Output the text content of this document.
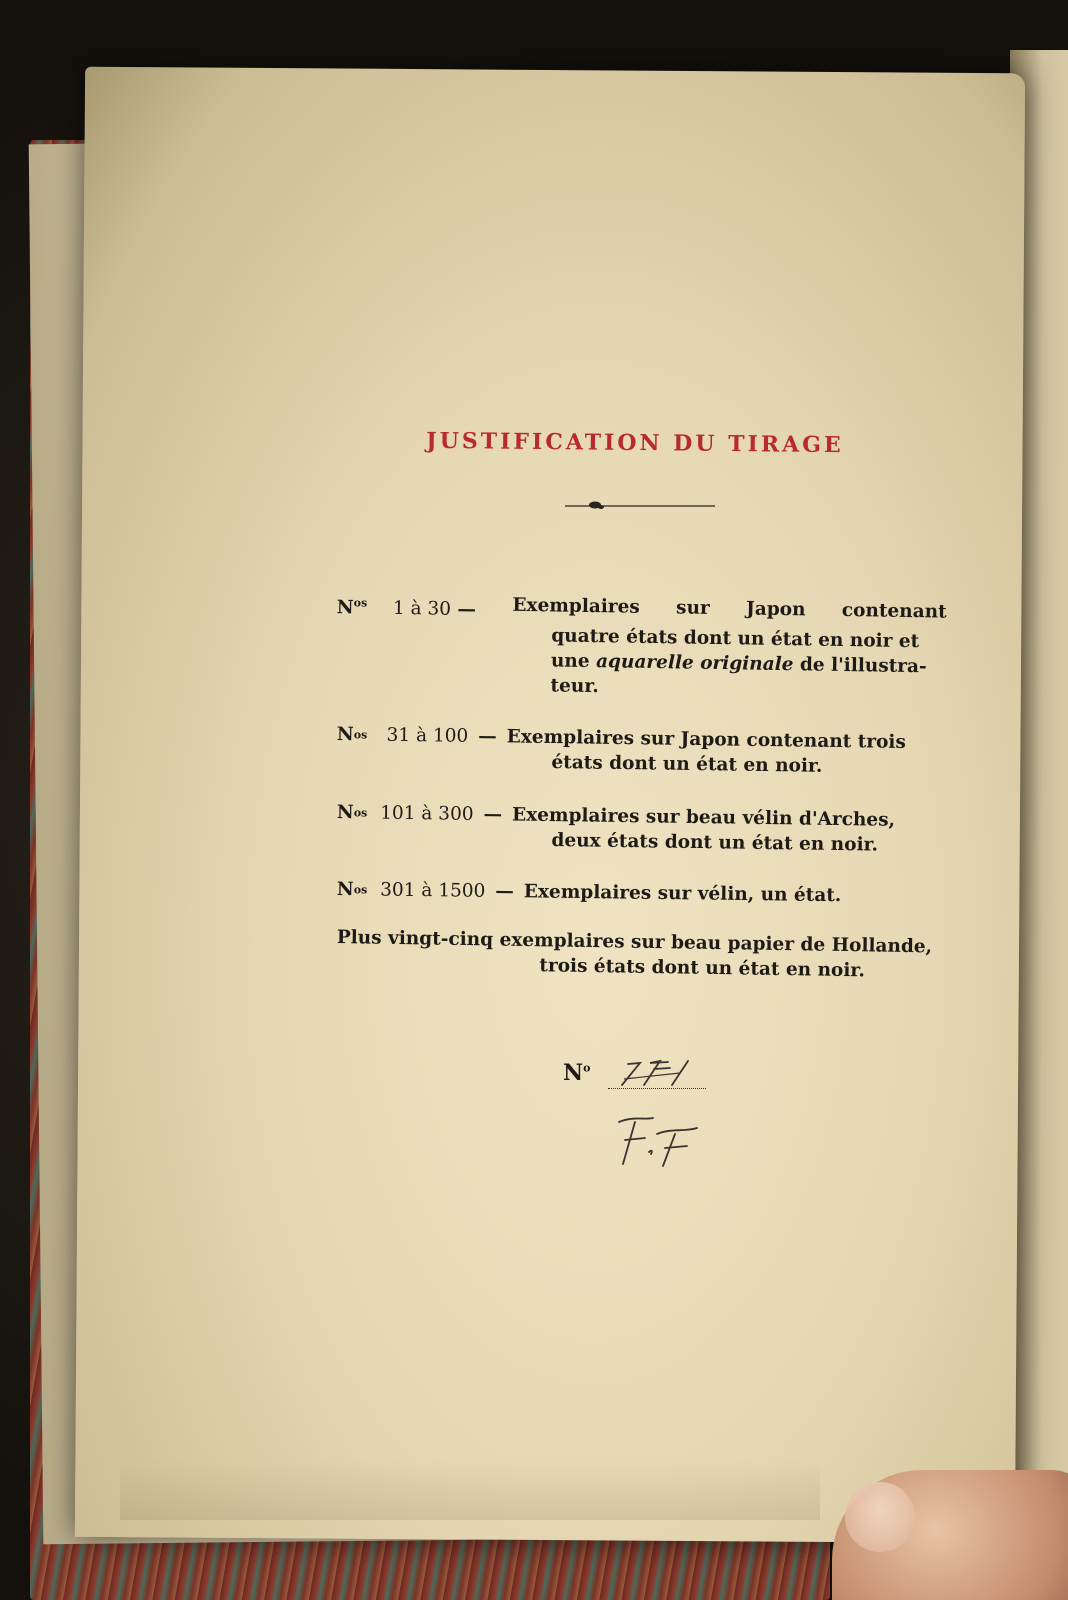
JUSTIFICATION DU TIRAGE
$N^{os}$ 1 à 30 — Exemplaires sur Japon contenant
quatre états dont un état en noir et
une aquarelle originale de l'illustra-
teur.
N os
31 à 100 — Exemplaires sur Japon contenant trois
états dont un état en noir.
N os
101 à 300 — Exemplaires sur beau vélin d'Arches,
deux états dont un état en noir.
N os
301 à 1500 — Exemplaires sur vélin, un état.
Plus vingt-cinq exemplaires sur beau papier de Hollande,
trois états dont un état en noir.
$N^o$
